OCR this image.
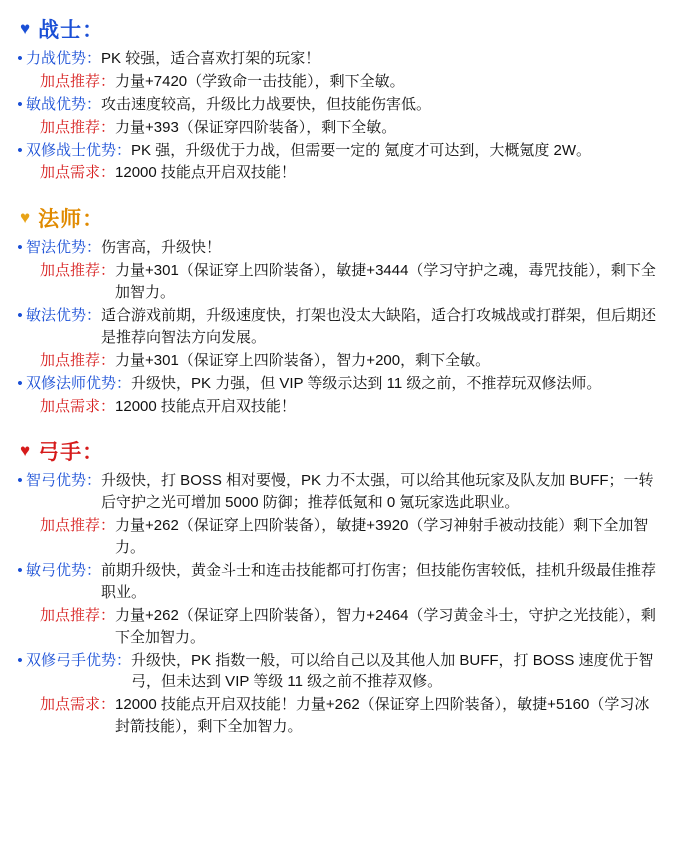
♥ 战士：
• 力战优势： PK 较强，适合喜欢打架的玩家！
加点推荐： 力量+7420（学致命一击技能），剩下全敏。
• 敏战优势： 攻击速度较高，升级比力战要快，但技能伤害低。
加点推荐： 力量+393（保证穿四阶装备），剩下全敏。
• 双修战士优势： PK 强，升级优于力战，但需要一定的 氪度才可达到，大概氪度 2W。
加点需求： 12000 技能点开启双技能！
♥ 法师：
• 智法优势： 伤害高，升级快！
加点推荐： 力量+301（保证穿上四阶装备），敏捷+3444（学习守护之魂，毒咒技能），剩下全加智力。
• 敏法优势： 适合游戏前期，升级速度快，打架也没太大缺陷，适合打攻城战或打群架，但后期还是推荐向智法方向发展。
加点推荐： 力量+301（保证穿上四阶装备），智力+200，剩下全敏。
• 双修法师优势： 升级快，PK 力强，但 VIP 等级示达到 11 级之前，不推荐玩双修法师。
加点需求： 12000 技能点开启双技能！
♥ 弓手：
• 智弓优势： 升级快，打 BOSS 相对要慢，PK 力不太强，可以给其他玩家及队友加 BUFF；一转后守护之光可增加 5000 防御；推荐低氪和 0 氪玩家选此职业。
加点推荐： 力量+262（保证穿上四阶装备），敏捷+3920（学习神射手被动技能）剩下全加智力。
• 敏弓优势： 前期升级快，黄金斗士和连击技能都可打伤害；但技能伤害较低，挂机升级最佳推荐职业。
加点推荐： 力量+262（保证穿上四阶装备），智力+2464（学习黄金斗士，守护之光技能），剩下全加智力。
• 双修弓手优势： 升级快，PK 指数一般，可以给自己以及其他人加 BUFF，打 BOSS 速度优于智弓，但未达到 VIP 等级 11 级之前不推荐双修。
加点需求： 12000 技能点开启双技能！力量+262（保证穿上四阶装备），敏捷+5160（学习冰封箭技能），剩下全加智力。
